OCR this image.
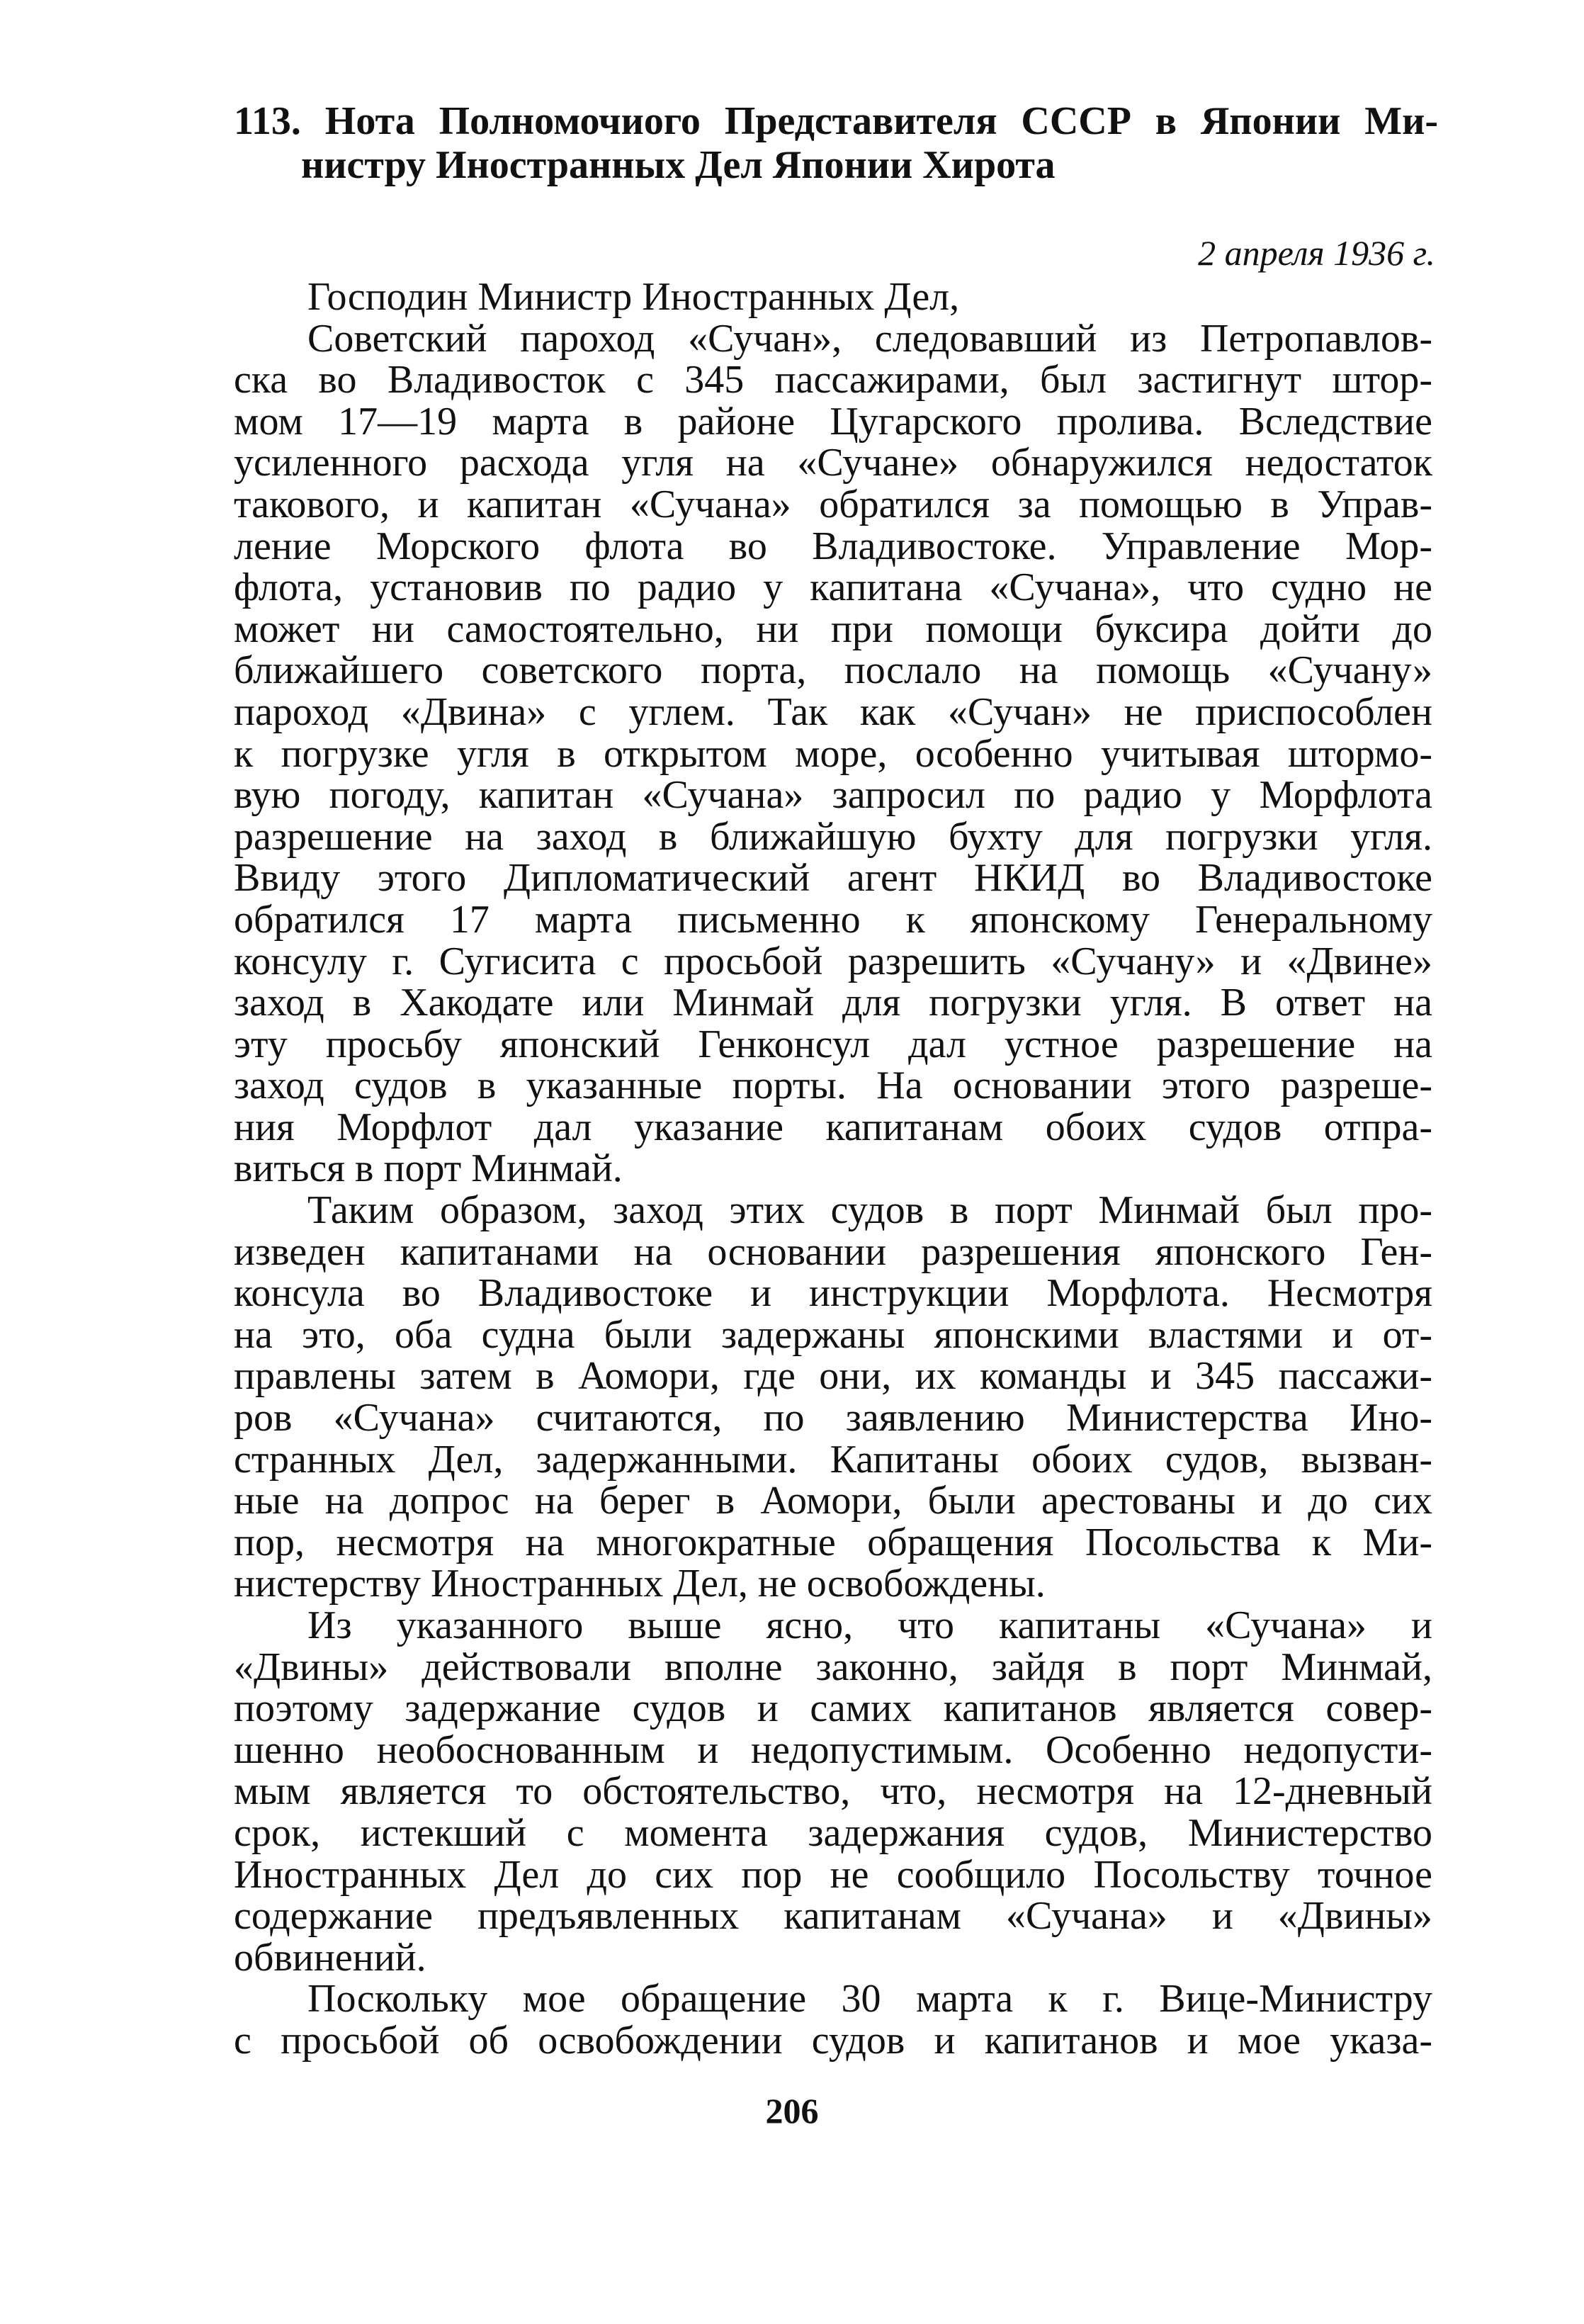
113. Нота Полномочиого Представителя СССР в Японии Ми-
нистру Иностранных Дел Японии Хирота
2 апреля 1936 г.
Господин Министр Иностранных Дел,
Советский пароход «Сучан», следовавший из Петропавлов-
ска во Владивосток с 345 пассажирами, был застигнут штор-
мом 17—19 марта в районе Цугарского пролива. Вследствие
усиленного расхода угля на «Сучане» обнаружился недостаток
такового, и капитан «Сучана» обратился за помощью в Управ-
ление Морского флота во Владивостоке. Управление Мор-
флота, установив по радио у капитана «Сучана», что судно не
может ни самостоятельно, ни при помощи буксира дойти до
ближайшего советского порта, послало на помощь «Сучану»
пароход «Двина» с углем. Так как «Сучан» не приспособлен
к погрузке угля в открытом море, особенно учитывая штормо-
вую погоду, капитан «Сучана» запросил по радио у Морфлота
разрешение на заход в ближайшую бухту для погрузки угля.
Ввиду этого Дипломатический агент НКИД во Владивостоке
обратился 17 марта письменно к японскому Генеральному
консулу г. Сугисита с просьбой разрешить «Сучану» и «Двине»
заход в Хакодате или Минмай для погрузки угля. В ответ на
эту просьбу японский Генконсул дал устное разрешение на
заход судов в указанные порты. На основании этого разреше-
ния Морфлот дал указание капитанам обоих судов отпра-
виться в порт Минмай.
Таким образом, заход этих судов в порт Минмай был про-
изведен капитанами на основании разрешения японского Ген-
консула во Владивостоке и инструкции Морфлота. Несмотря
на это, оба судна были задержаны японскими властями и от-
правлены затем в Аомори, где они, их команды и 345 пассажи-
ров «Сучана» считаются, по заявлению Министерства Ино-
странных Дел, задержанными. Капитаны обоих судов, вызван-
ные на допрос на берег в Аомори, были арестованы и до сих
пор, несмотря на многократные обращения Посольства к Ми-
нистерству Иностранных Дел, не освобождены.
Из указанного выше ясно, что капитаны «Сучана» и
«Двины» действовали вполне законно, зайдя в порт Минмай,
поэтому задержание судов и самих капитанов является совер-
шенно необоснованным и недопустимым. Особенно недопусти-
мым является то обстоятельство, что, несмотря на 12-дневный
срок, истекший с момента задержания судов, Министерство
Иностранных Дел до сих пор не сообщило Посольству точное
содержание предъявленных капитанам «Сучана» и «Двины»
обвинений.
Поскольку мое обращение 30 марта к г. Вице-Министру
с просьбой об освобождении судов и капитанов и мое указа-
206
